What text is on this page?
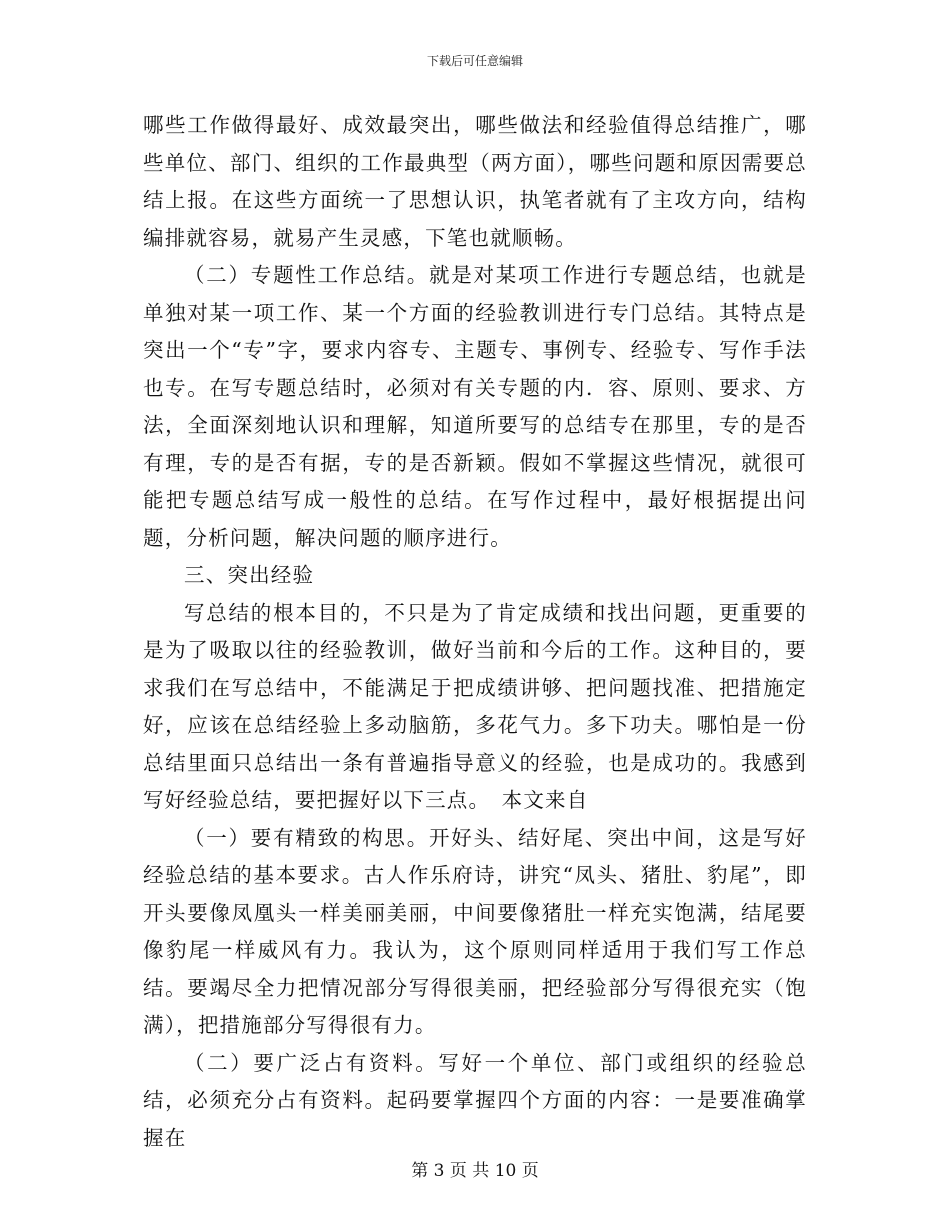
下载后可任意编辑

哪些工作做得最好、成效最突出，哪些做法和经验值得总结推广，哪些单位、部门、组织的工作最典型（两方面），哪些问题和原因需要总结上报。在这些方面统一了思想认识，执笔者就有了主攻方向，结构编排就容易，就易产生灵感，下笔也就顺畅。

（二）专题性工作总结。就是对某项工作进行专题总结，也就是单独对某一项工作、某一个方面的经验教训进行专门总结。其特点是突出一个“专”字，要求内容专、主题专、事例专、经验专、写作手法也专。在写专题总结时，必须对有关专题的内．容、原则、要求、方法，全面深刻地认识和理解，知道所要写的总结专在那里，专的是否有理，专的是否有据，专的是否新颖。假如不掌握这些情况，就很可能把专题总结写成一般性的总结。在写作过程中，最好根据提出问题，分析问题，解决问题的顺序进行。

三、突出经验

写总结的根本目的，不只是为了肯定成绩和找出问题，更重要的是为了吸取以往的经验教训，做好当前和今后的工作。这种目的，要求我们在写总结中，不能满足于把成绩讲够、把问题找准、把措施定好，应该在总结经验上多动脑筋，多花气力。多下功夫。哪怕是一份总结里面只总结出一条有普遍指导意义的经验，也是成功的。我感到写好经验总结，要把握好以下三点。　本文来自

（一）要有精致的构思。开好头、结好尾、突出中间，这是写好经验总结的基本要求。古人作乐府诗，讲究“凤头、猪肚、豹尾”，即开头要像凤凰头一样美丽美丽，中间要像猪肚一样充实饱满，结尾要像豹尾一样威风有力。我认为，这个原则同样适用于我们写工作总结。要竭尽全力把情况部分写得很美丽，把经验部分写得很充实（饱满），把措施部分写得很有力。

（二）要广泛占有资料。写好一个单位、部门或组织的经验总结，必须充分占有资料。起码要掌握四个方面的内容：一是要准确掌握在

第 3 页 共 10 页
